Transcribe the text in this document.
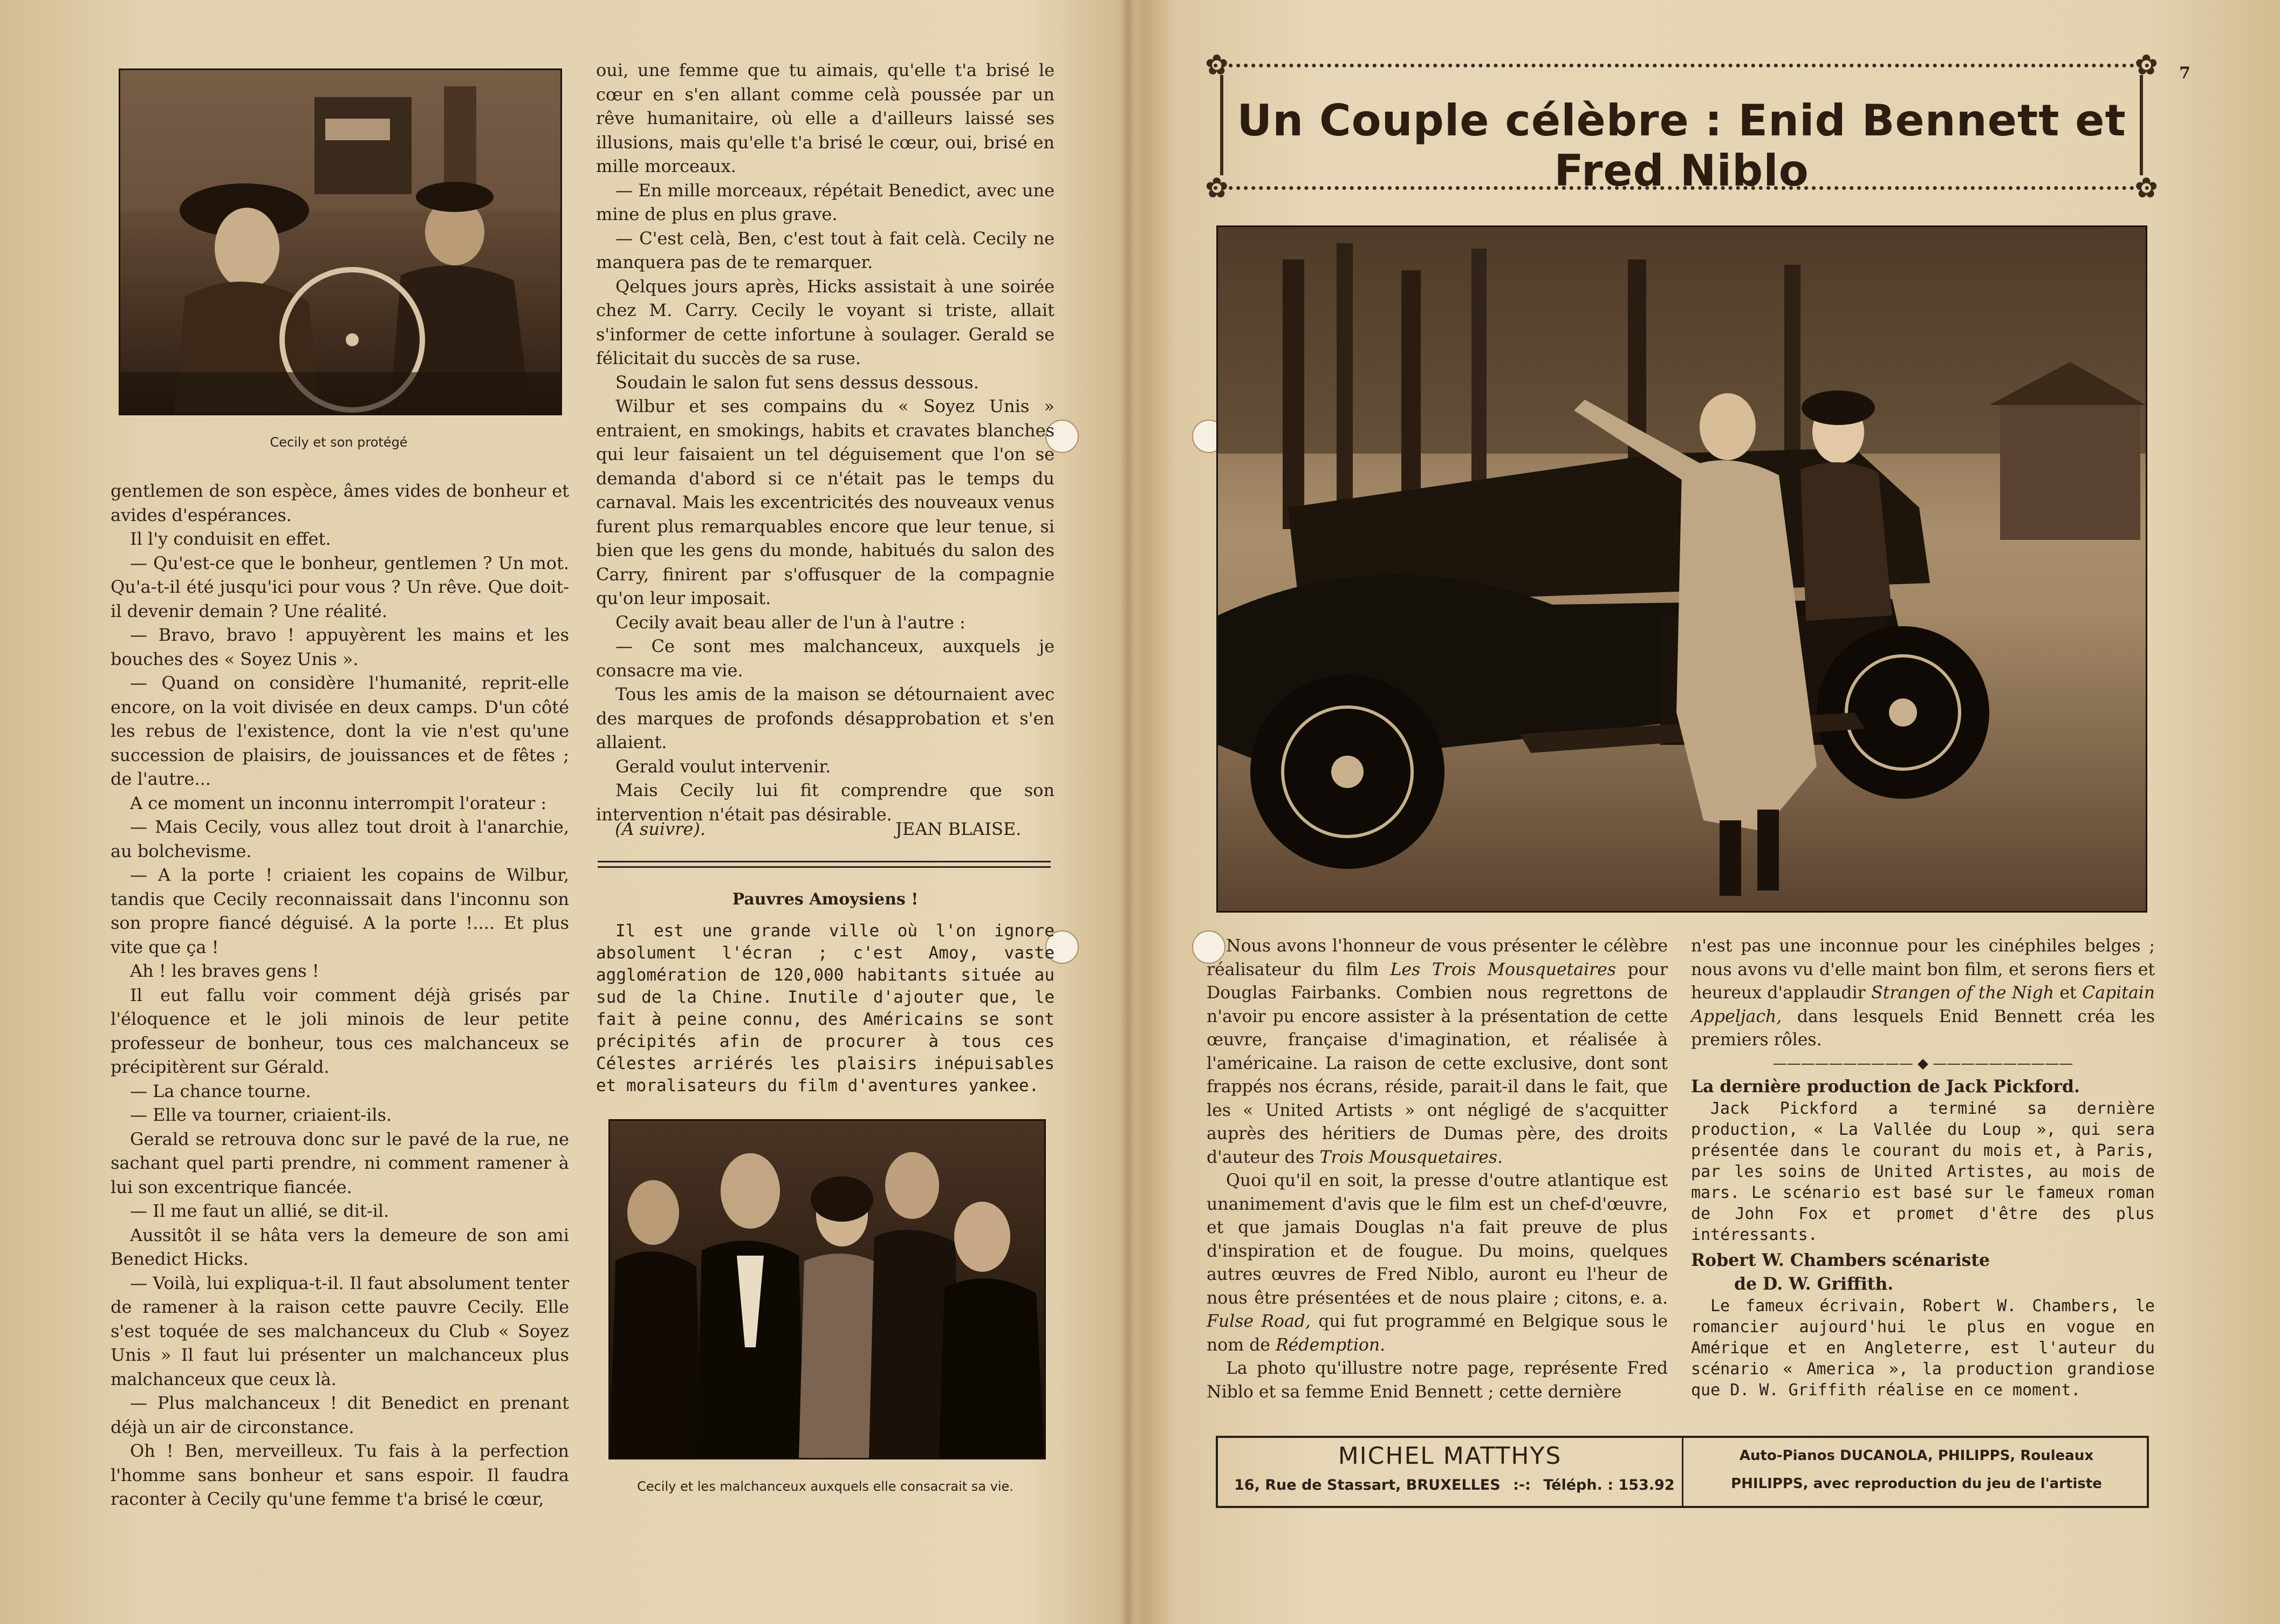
Cecily et son protégé

gentlemen de son espèce, âmes vides de bonheur et avides d'espérances.

Il l'y conduisit en effet.

— Qu'est-ce que le bonheur, gentlemen ? Un mot. Qu'a-t-il été jusqu'ici pour vous ? Un rêve. Que doit-il devenir demain ? Une réalité.

— Bravo, bravo ! appuyèrent les mains et les bouches des « Soyez Unis ».

— Quand on considère l'humanité, reprit-elle encore, on la voit divisée en deux camps. D'un côté les rebus de l'existence, dont la vie n'est qu'une succession de plaisirs, de jouissances et de fêtes ; de l'autre...

A ce moment un inconnu interrompit l'orateur :

— Mais Cecily, vous allez tout droit à l'anarchie, au bolchevisme.

— A la porte ! criaient les copains de Wilbur, tandis que Cecily reconnaissait dans l'inconnu son son propre fiancé déguisé. A la porte !.... Et plus vite que ça !

Ah ! les braves gens !

Il eut fallu voir comment déjà grisés par l'éloquence et le joli minois de leur petite professeur de bonheur, tous ces malchanceux se précipitèrent sur Gérald.

— La chance tourne.

— Elle va tourner, criaient-ils.

Gerald se retrouva donc sur le pavé de la rue, ne sachant quel parti prendre, ni comment ramener à lui son excentrique fiancée.

— Il me faut un allié, se dit-il.

Aussitôt il se hâta vers la demeure de son ami Benedict Hicks.

— Voilà, lui expliqua-t-il. Il faut absolument tenter de ramener à la raison cette pauvre Cecily. Elle s'est toquée de ses malchanceux du Club « Soyez Unis » Il faut lui présenter un malchanceux plus malchanceux que ceux là.

— Plus malchanceux ! dit Benedict en prenant déjà un air de circonstance.

Oh ! Ben, merveilleux. Tu fais à la perfection l'homme sans bonheur et sans espoir. Il faudra raconter à Cecily qu'une femme t'a brisé le cœur,

oui, une femme que tu aimais, qu'elle t'a brisé le cœur en s'en allant comme celà poussée par un rêve humanitaire, où elle a d'ailleurs laissé ses illusions, mais qu'elle t'a brisé le cœur, oui, brisé en mille morceaux.

— En mille morceaux, répétait Benedict, avec une mine de plus en plus grave.

— C'est celà, Ben, c'est tout à fait celà. Cecily ne manquera pas de te remarquer.

Qelques jours après, Hicks assistait à une soirée chez M. Carry. Cecily le voyant si triste, allait s'informer de cette infortune à soulager. Gerald se félicitait du succès de sa ruse.

Soudain le salon fut sens dessus dessous.

Wilbur et ses compains du « Soyez Unis » entraient, en smokings, habits et cravates blanches qui leur faisaient un tel déguisement que l'on se demanda d'abord si ce n'était pas le temps du carnaval. Mais les excentricités des nouveaux venus furent plus remarquables encore que leur tenue, si bien que les gens du monde, habitués du salon des Carry, finirent par s'offusquer de la compagnie qu'on leur imposait.

Cecily avait beau aller de l'un à l'autre :

— Ce sont mes malchanceux, auxquels je consacre ma vie.

Tous les amis de la maison se détournaient avec des marques de profonds désapprobation et s'en allaient.

Gerald voulut intervenir.

Mais Cecily lui fit comprendre que son intervention n'était pas désirable.

(A suivre).	JEAN BLAISE.
Pauvres Amoysiens !

Il est une grande ville où l'on ignore absolument l'écran ; c'est Amoy, vaste agglomération de 120,000 habitants située au sud de la Chine. Inutile d'ajouter que, le fait à peine connu, des Américains se sont précipités afin de procurer à tous ces Célestes arriérés les plaisirs inépuisables et moralisateurs du film d'aventures yankee.

Cecily et les malchanceux auxquels elle consacrait sa vie.
7
✿	✿
✿	✿
Un Couple célèbre : Enid Bennett et Fred Niblo

Nous avons l'honneur de vous présenter le célèbre réalisateur du film Les Trois Mousquetaires pour Douglas Fairbanks. Combien nous regrettons de n'avoir pu encore assister à la présentation de cette œuvre, française d'imagination, et réalisée à l'américaine. La raison de cette exclusive, dont sont frappés nos écrans, réside, parait-il dans le fait, que les « United Artists » ont négligé de s'acquitter auprès des héritiers de Dumas père, des droits d'auteur des Trois Mousquetaires.

Quoi qu'il en soit, la presse d'outre atlantique est unanimement d'avis que le film est un chef-d'œuvre, et que jamais Douglas n'a fait preuve de plus d'inspiration et de fougue. Du moins, quelques autres œuvres de Fred Niblo, auront eu l'heur de nous être présentées et de nous plaire ; citons, e. a. Fulse Road, qui fut programmé en Belgique sous le nom de Rédemption.

La photo qu'illustre notre page, représente Fred Niblo et sa femme Enid Bennett ; cette dernière

n'est pas une inconnue pour les cinéphiles belges ; nous avons vu d'elle maint bon film, et serons fiers et heureux d'applaudir Strangen of the Nigh et Capitain Appeljach, dans lesquels Enid Bennett créa les premiers rôles.

—————————— ◆ ——————————

La dernière production de Jack Pickford.

Jack Pickford a terminé sa dernière production, « La Vallée du Loup », qui sera présentée dans le courant du mois et, à Paris, par les soins de United Artistes, au mois de mars. Le scénario est basé sur le fameux roman de John Fox et promet d'être des plus intéressants.

Robert W. Chambers scénariste

de D. W. Griffith.

Le fameux écrivain, Robert W. Chambers, le romancier aujourd'hui le plus en vogue en Amérique et en Angleterre, est l'auteur du scénario « America », la production grandiose que D. W. Griffith réalise en ce moment.

MICHEL MATTHYS
16, Rue de Stassart, BRUXELLES :-: Téléph. : 153.92
Auto-Pianos DUCANOLA, PHILIPPS, Rouleaux
PHILIPPS, avec reproduction du jeu de l'artiste
